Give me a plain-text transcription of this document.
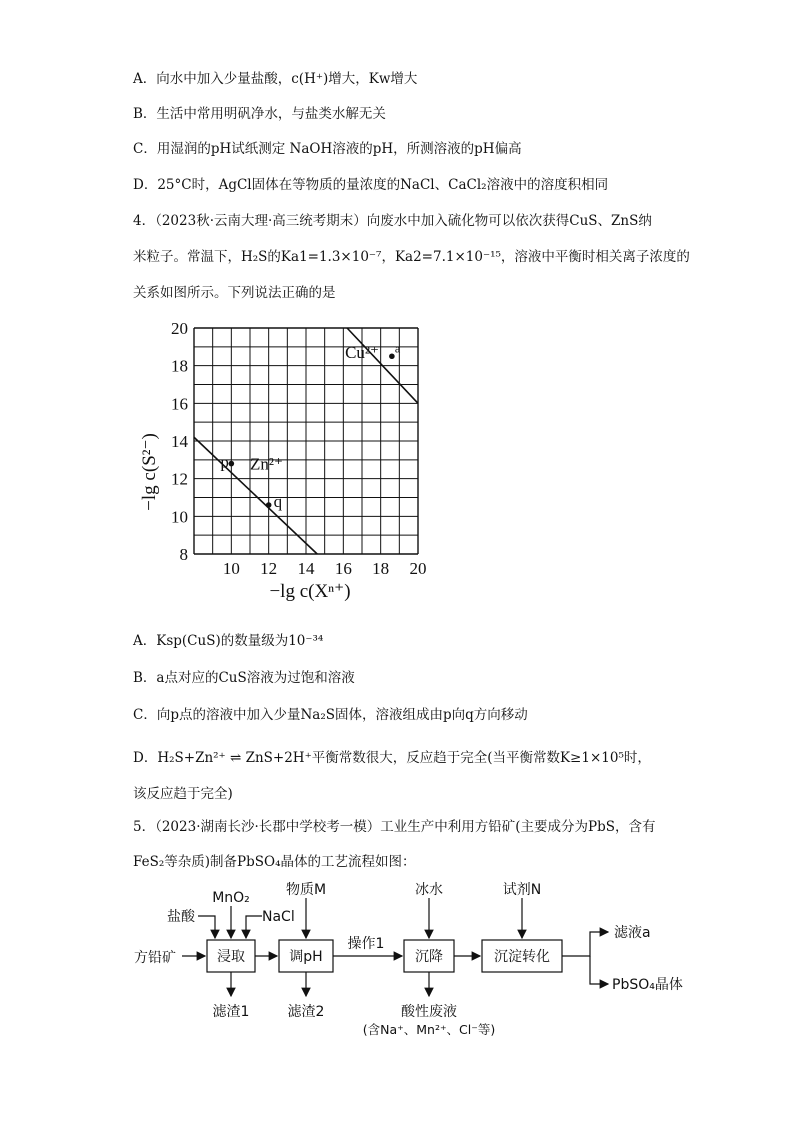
A．向水中加入少量盐酸，c(H⁺)增大，Kw增大
B．生活中常用明矾净水，与盐类水解无关
C．用湿润的pH试纸测定 NaOH溶液的pH，所测溶液的pH偏高
D．25°C时，AgCl固体在等物质的量浓度的NaCl、CaCl₂溶液中的溶度积相同
4．（2023秋·云南大理·高三统考期末）向废水中加入硫化物可以依次获得CuS、ZnS纳
米粒子。常温下，H₂S的Ka1=1.3×10⁻⁷，Ka2=7.1×10⁻¹⁵，溶液中平衡时相关离子浓度的
关系如图所示。下列说法正确的是
Cu²⁺
Zn²⁺
a
p
q
10 12 14 16 18 20
8
10
12
14
16
18
20
−lg c(S²⁻)
−lg c(Xⁿ⁺)
A．Ksp(CuS)的数量级为10⁻³⁴
B．a点对应的CuS溶液为过饱和溶液
C．向p点的溶液中加入少量Na₂S固体，溶液组成由p向q方向移动
D．H₂S+Zn²⁺ ⇌ ZnS+2H⁺平衡常数很大，反应趋于完全(当平衡常数K≥1×10⁵时，
该反应趋于完全)
5．（2023·湖南长沙·长郡中学校考一模）工业生产中利用方铅矿(主要成分为PbS，含有
FeS₂等杂质)制备PbSO₄晶体的工艺流程如图：
方铅矿	浸取	调pH	沉降	沉淀转化
盐酸
MnO₂
NaCl
物质M	冰水	试剂N
操作1
滤渣1	滤渣2	酸性废液
(含Na⁺、Mn²⁺、Cl⁻等)
滤液a
PbSO₄晶体
